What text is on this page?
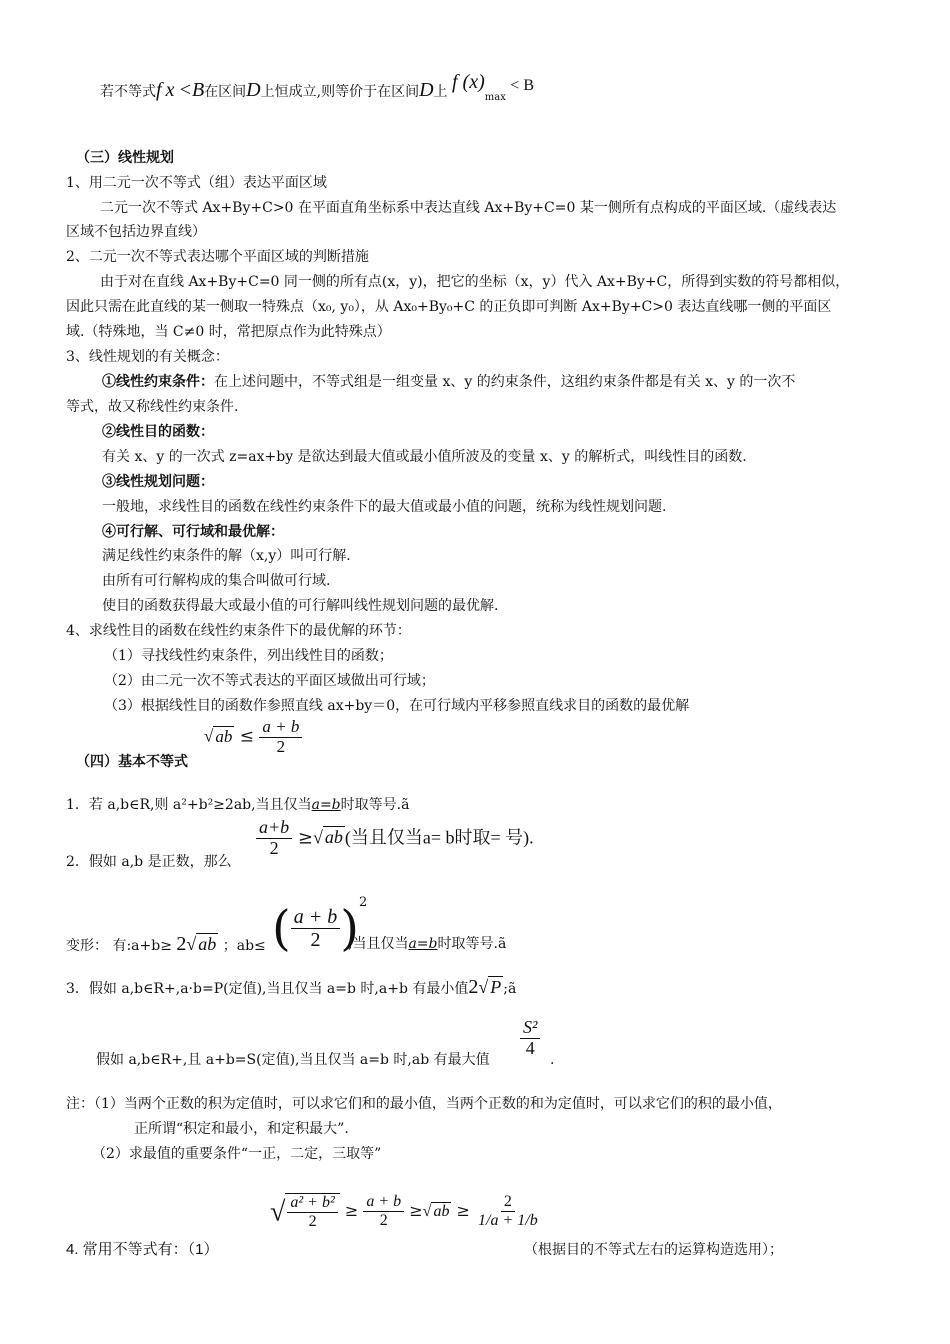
若不等式f x <B在区间D上恒成立,则等价于在区间D上 f $(x)_{max} < B$
（三）线性规划
1、用二元一次不等式（组）表达平面区域
二元一次不等式 Ax+By+C>0 在平面直角坐标系中表达直线 Ax+By+C=0 某一侧所有点构成的平面区域.（虚线表达
区域不包括边界直线）
2、二元一次不等式表达哪个平面区域的判断措施
由于对在直线 Ax+By+C=0 同一侧的所有点(x，y)，把它的坐标（x，y）代入 Ax+By+C，所得到实数的符号都相似，
因此只需在此直线的某一侧取一特殊点（x₀, y₀），从 Ax₀+By₀+C 的正负即可判断 Ax+By+C>0 表达直线哪一侧的平面区
域.（特殊地，当 C≠0 时，常把原点作为此特殊点）
3、线性规划的有关概念：
①线性约束条件：在上述问题中，不等式组是一组变量 x、y 的约束条件，这组约束条件都是有关 x、y 的一次不
等式，故又称线性约束条件.
②线性目的函数：
有关 x、y 的一次式 z=ax+by 是欲达到最大值或最小值所波及的变量 x、y 的解析式，叫线性目的函数.
③线性规划问题：
一般地，求线性目的函数在线性约束条件下的最大值或最小值的问题，统称为线性规划问题.
④可行解、可行域和最优解：
满足线性约束条件的解（x,y）叫可行解.
由所有可行解构成的集合叫做可行域.
使目的函数获得最大或最小值的可行解叫线性规划问题的最优解.
4、求线性目的函数在线性约束条件下的最优解的环节：
（1）寻找线性约束条件，列出线性目的函数；
（2）由二元一次不等式表达的平面区域做出可行域；
（3）根据线性目的函数作参照直线 ax+by＝0，在可行域内平移参照直线求目的函数的最优解
（四）基本不等式
√ ab ≤ $\frac{a + b}{2}$
1．若 a,b∈R,则 a²+b²≥2ab,当且仅当a=b时取等号.ã
$\frac{a+b}{2}$ ≥√ ab (当且仅当a= b时取= 号).
2．假如 a,b 是正数，那么
变形： 有:a+b≥ 2√ ab ；ab≤ ( $\frac{a + b}{2} )^2$
,当且仅当a=b时取等号.ã
3．假如 a,b∈R+,a·b=P(定值),当且仅当 a=b 时,a+b 有最小值2√ P ;ã
$\frac{\text{S²}}{4}$
假如 a,b∈R+,且 a+b=S(定值),当且仅当 a=b 时,ab 有最大值	.
注：（1）当两个正数的积为定值时，可以求它们和的最小值，当两个正数的和为定值时，可以求它们的积的最小值，
正所谓“积定和最小，和定积最大”.
（2）求最值的重要条件“一正，二定，三取等”
√ $\frac{\text{a² + b²}}{2} \ge \frac{a + b}{2}$ ≥√ ab ≥ $\frac{2}{1/a + 1/b}$
4. 常用不等式有：（1）	（根据目的不等式左右的运算构造选用）；
